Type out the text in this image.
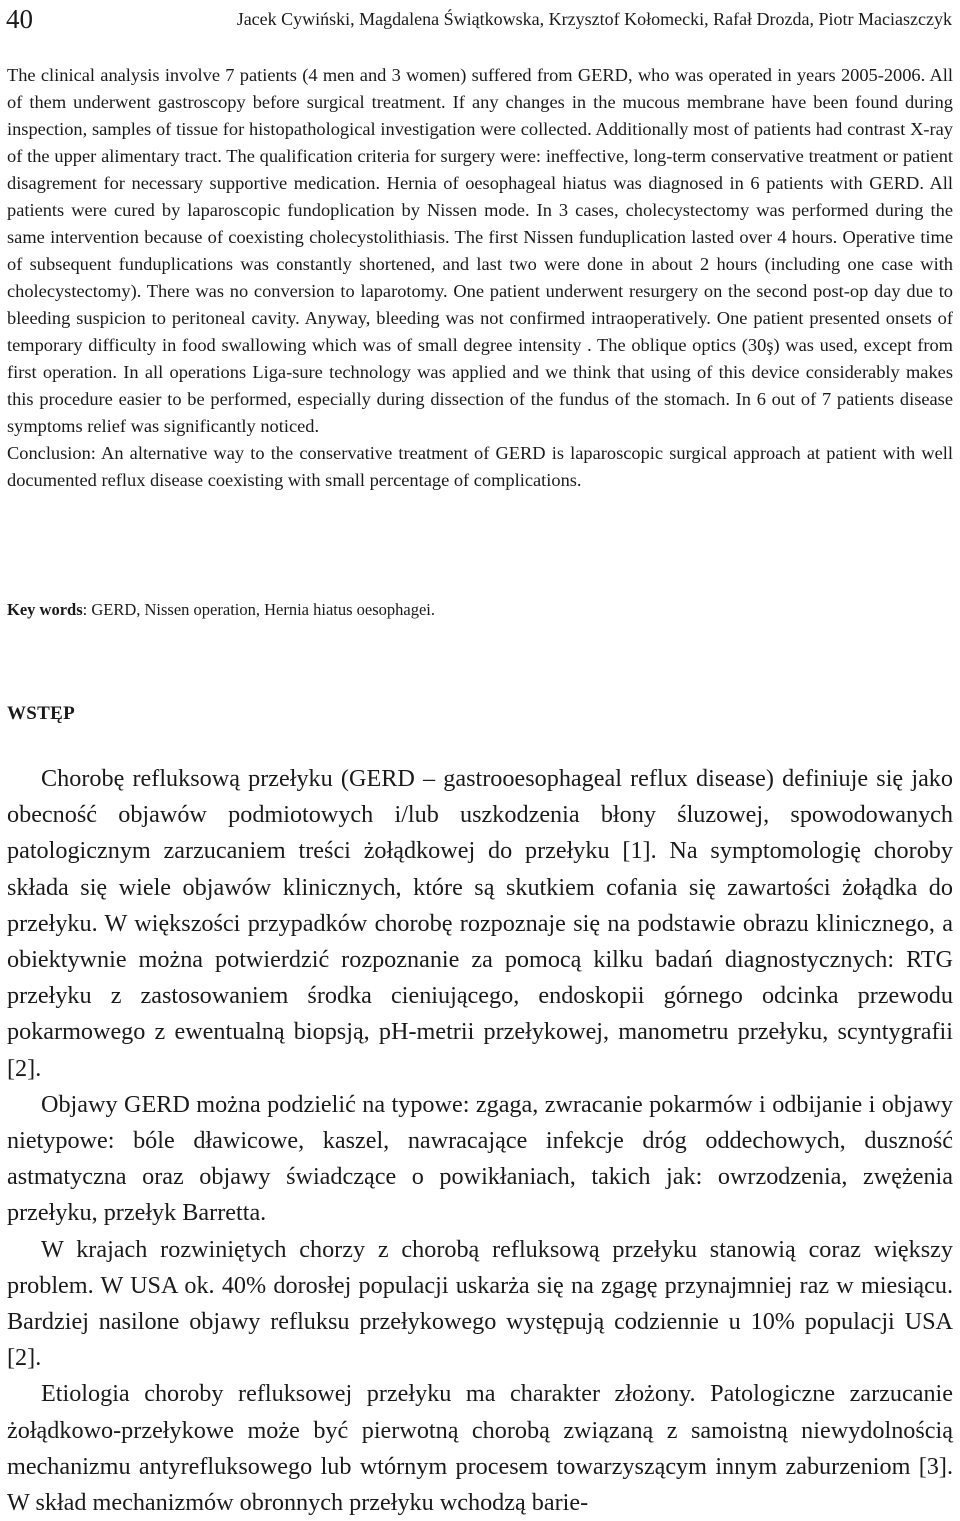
40	Jacek Cywiński, Magdalena Świątkowska, Krzysztof Kołomecki, Rafał Drozda, Piotr Maciaszczyk

The clinical analysis involve 7 patients (4 men and 3 women) suffered from GERD, who was operated in years 2005-2006. All of them underwent gastroscopy before surgical treatment. If any changes in the mucous membrane have been found during inspection, samples of tissue for histopathological investigation were collected. Additionally most of patients had contrast X-ray of the upper alimentary tract. The qualification criteria for surgery were: ineffective, long-term conservative treatment or patient disagrement for necessary supportive medication. Hernia of oesophageal hiatus was diagnosed in 6 patients with GERD. All patients were cured by laparoscopic fundoplication by Nissen mode. In 3 cases, cholecystectomy was performed during the same intervention because of coexisting cholecystolithiasis. The first Nissen funduplication lasted over 4 hours. Operative time of subsequent funduplications was constantly shortened, and last two were done in about 2 hours (including one case with cholecystectomy). There was no conversion to laparotomy. One patient underwent resurgery on the second post-op day due to bleeding suspicion to peritoneal cavity. Anyway, bleeding was not confirmed intraoperatively. One patient presented onsets of temporary difficulty in food swallowing which was of small degree intensity . The oblique optics (30ş) was used, except from first operation. In all operations Liga-sure technology was applied and we think that using of this device considerably makes this procedure easier to be performed, especially during dissection of the fundus of the stomach. In 6 out of 7 patients disease symptoms relief was significantly noticed.

Conclusion: An alternative way to the conservative treatment of GERD is laparoscopic surgical approach at patient with well documented reflux disease coexisting with small percentage of complications.

Key words: GERD, Nissen operation, Hernia hiatus oesophagei.
WSTĘP

Chorobę refluksową przełyku (GERD – gastrooesophageal reflux disease) definiuje się jako obecność objawów podmiotowych i/lub uszkodzenia błony śluzowej, spowodowanych patologicznym zarzucaniem treści żołądkowej do przełyku [1]. Na symptomologię choroby składa się wiele objawów klinicznych, które są skutkiem cofania się zawartości żołądka do przełyku. W większości przypadków chorobę rozpoznaje się na podstawie obrazu klinicznego, a obiektywnie można potwierdzić rozpoznanie za pomocą kilku badań diagnostycznych: RTG przełyku z zastosowaniem środka cieniującego, endoskopii górnego odcinka przewodu pokarmowego z ewentualną biopsją, pH-metrii przełykowej, manometru przełyku, scyntygrafii [2].

Objawy GERD można podzielić na typowe: zgaga, zwracanie pokarmów i odbijanie i objawy nietypowe: bóle dławicowe, kaszel, nawracające infekcje dróg oddechowych, duszność astmatyczna oraz objawy świadczące o powikłaniach, takich jak: owrzodzenia, zwężenia przełyku, przełyk Barretta.

W krajach rozwiniętych chorzy z chorobą refluksową przełyku stanowią coraz większy problem. W USA ok. 40% dorosłej populacji uskarża się na zgagę przynajmniej raz w miesiącu. Bardziej nasilone objawy refluksu przełykowego występują codziennie u 10% populacji USA [2].

Etiologia choroby refluksowej przełyku ma charakter złożony. Patologiczne zarzucanie żołądkowo-przełykowe może być pierwotną chorobą związaną z samoistną niewydolnością mechanizmu antyrefluksowego lub wtórnym procesem towarzyszącym innym zaburzeniom [3]. W skład mechanizmów obronnych przełyku wchodzą barie-
